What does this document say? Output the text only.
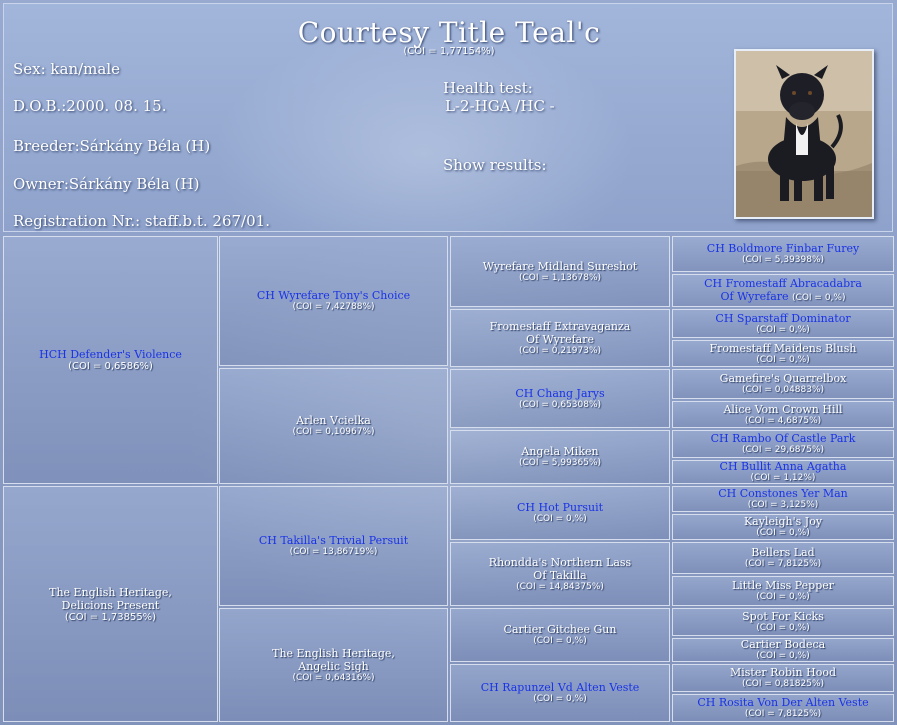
Courtesy Title Teal'c
(COI = 1,77154%)
Sex: kan/male
D.O.B.:2000. 08. 15.
Breeder:Sárkány Béla (H)
Owner:Sárkány Béla (H)
Registration Nr.: staff.b.t. 267/01.
Health test:
L-2-HGA /HC -
Show results:
HCH Defender's Violence
(COI = 0,6586%)
The English Heritage,
Delicions Present
(COI = 1,73855%)
CH Wyrefare Tony's Choice
(COI = 7,42788%)
Arlen Vcielka
(COI = 0,10967%)
CH Takilla's Trivial Persuit
(COI = 13,86719%)
The English Heritage,
Angelic Sigh
(COI = 0,64316%)
Wyrefare Midland Sureshot
(COI = 1,13678%)
Fromestaff Extravaganza
Of Wyrefare
(COI = 0,21973%)
CH Chang Jarys
(COI = 0,65308%)
Angela Miken
(COI = 5,99365%)
CH Hot Pursuit
(COI = 0,%)
Rhondda's Northern Lass
Of Takilla
(COI = 14,84375%)
Cartier Gitchee Gun
(COI = 0,%)
CH Rapunzel Vd Alten Veste
(COI = 0,%)
CH Boldmore Finbar Furey
(COI = 5,39398%)
CH Fromestaff Abracadabra
Of Wyrefare (COI = 0,%)
CH Sparstaff Dominator
(COI = 0,%)
Fromestaff Maidens Blush
(COI = 0,%)
Gamefire's Quarrelbox
(COI = 0,04883%)
Alice Vom Crown Hill
(COI = 4,6875%)
CH Rambo Of Castle Park
(COI = 29,6875%)
CH Bullit Anna Agatha
(COI = 1,12%)
CH Constones Yer Man
(COI = 3,125%)
Kayleigh's Joy
(COI = 0,%)
Bellers Lad
(COI = 7,8125%)
Little Miss Pepper
(COI = 0,%)
Spot For Kicks
(COI = 0,%)
Cartier Bodeca
(COI = 0,%)
Mister Robin Hood
(COI = 0,81825%)
CH Rosita Von Der Alten Veste
(COI = 7,8125%)
